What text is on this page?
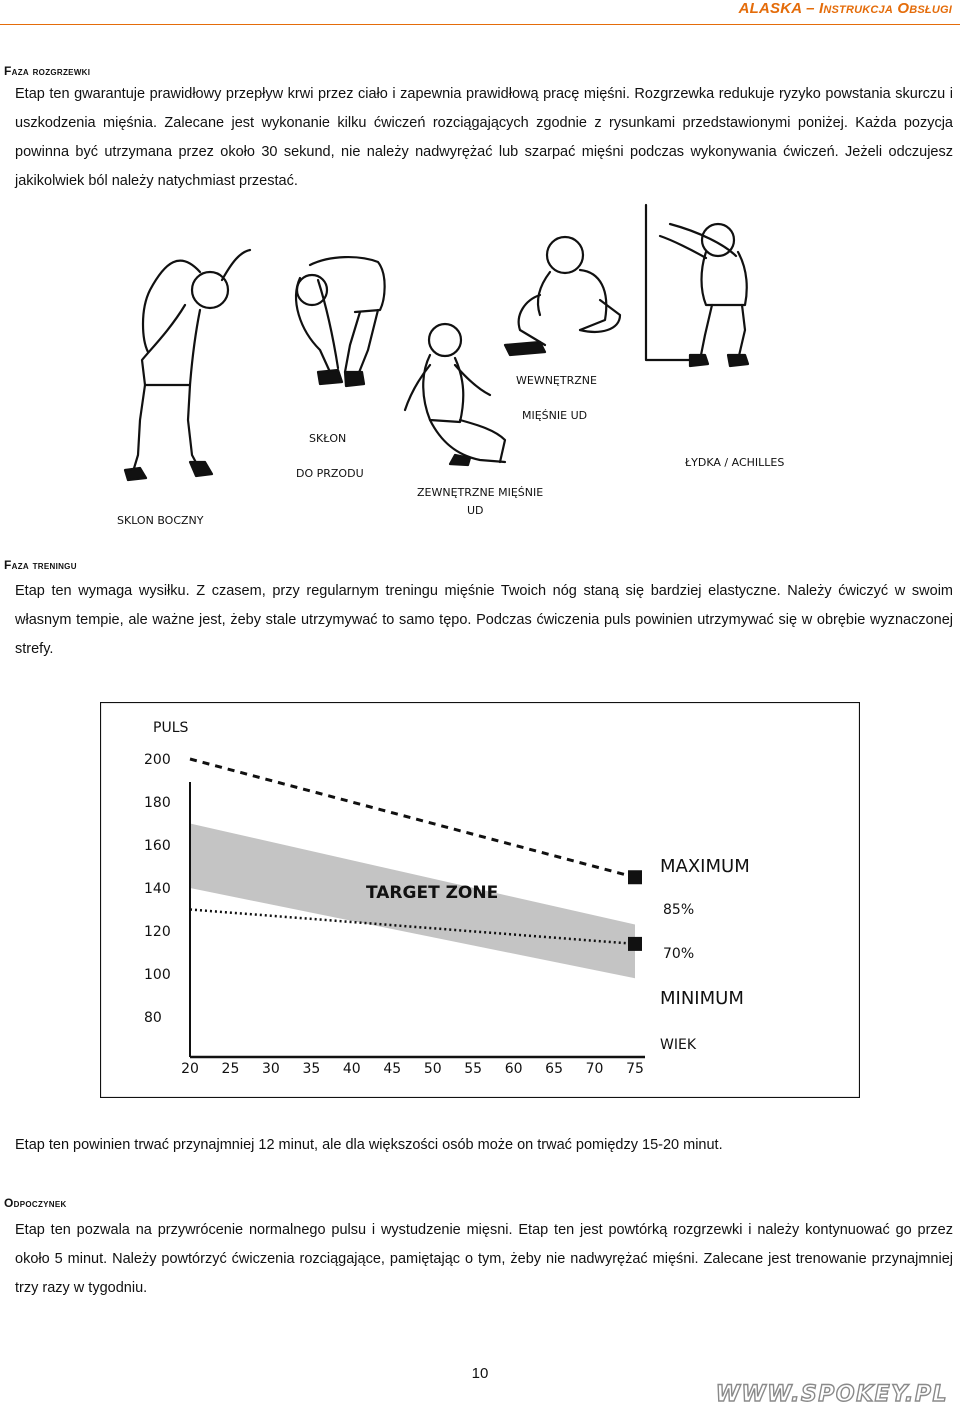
ALASKA – Instrukcja Obsługi
Faza rozgrzewki

Etap ten gwarantuje prawidłowy przepływ krwi przez ciało i zapewnia prawidłową pracę mięśni. Rozgrzewka redukuje ryzyko powstania skurczu i uszkodzenia mięśnia. Zalecane jest wykonanie kilku ćwiczeń rozciągających zgodnie z rysunkami przedstawionymi poniżej. Każda pozycja powinna być utrzymana przez około 30 sekund, nie należy nadwyrężać lub szarpać mięśni podczas wykonywania ćwiczeń. Jeżeli odczujesz jakikolwiek ból należy natychmiast przestać.

SKLON BOCZNY
SKŁON
DO PRZODU
ZEWNĘTRZNE MIĘŚNIE
UD
WEWNĘTRZNE
MIĘŚNIE UD
ŁYDKA / ACHILLES
Faza treningu

Etap ten wymaga wysiłku. Z czasem, przy regularnym treningu mięśnie Twoich nóg staną się bardziej elastyczne. Należy ćwiczyć w swoim własnym tempie, ale ważne jest, żeby stale utrzymywać to samo tępo. Podczas ćwiczenia puls powinien utrzymywać się w obrębie wyznaczonej strefy.

200
180
160
140
120
100
80
20 25 30 35 40 45 50 55 60 65 70 75
PULS
WIEK
TARGET ZONE
MAXIMUM
85%
70%
MINIMUM

Etap ten powinien trwać przynajmniej 12 minut, ale dla większości osób może on trwać pomiędzy 15-20 minut.

Odpoczynek

Etap ten pozwala na przywrócenie normalnego pulsu i wystudzenie mięsni. Etap ten jest powtórką rozgrzewki i należy kontynuować go przez około 5 minut. Należy powtórzyć ćwiczenia rozciągające, pamiętając o tym, żeby nie nadwyrężać mięśni. Zalecane jest trenowanie przynajmniej trzy razy w tygodniu.

10
WWW.SPOKEY.PL
